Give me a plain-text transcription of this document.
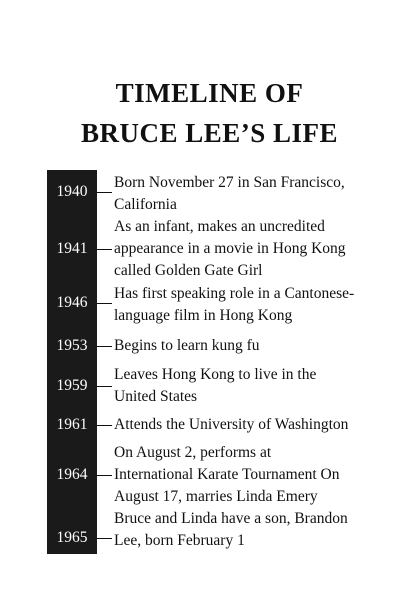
TIMELINE OF
BRUCE LEE’S LIFE
1940
Born November 27 in San Francisco,
California
1941
As an infant, makes an uncredited
appearance in a movie in Hong Kong
called Golden Gate Girl
1946
Has first speaking role in a Cantonese-
language film in Hong Kong
1953	Begins to learn kung fu
1959
Leaves Hong Kong to live in the
United States
1961	Attends the University of Washington
1964
On August 2, performs at
International Karate Tournament On
August 17, marries Linda Emery
1965
Bruce and Linda have a son, Brandon
Lee, born February 1
